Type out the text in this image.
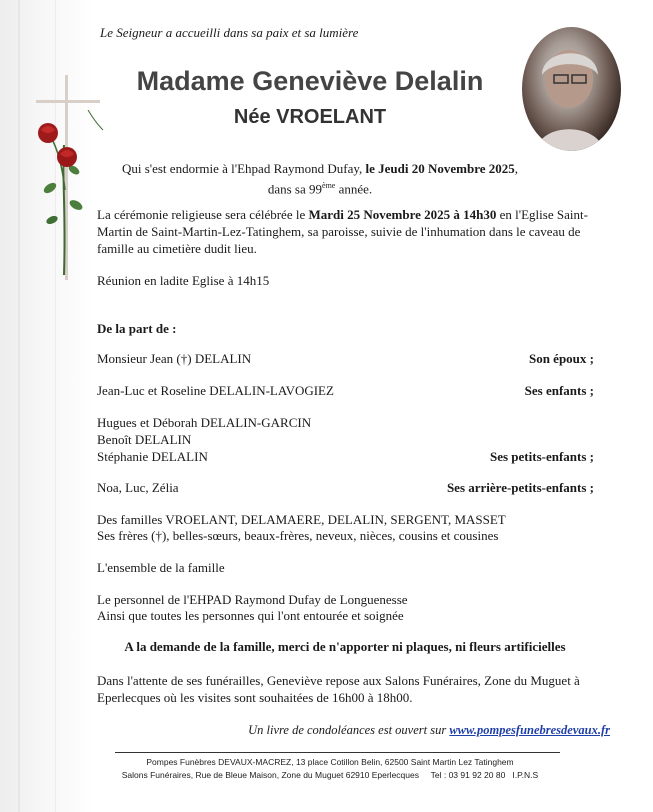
Le Seigneur a accueilli dans sa paix et sa lumière
Madame Geneviève Delalin
Née VROELANT
Qui s'est endormie à l'Ehpad Raymond Dufay, le Jeudi 20 Novembre 2025,
dans sa 99ème année.
La cérémonie religieuse sera célébrée le Mardi 25 Novembre 2025 à 14h30 en l'Eglise Saint-Martin de Saint-Martin-Lez-Tatinghem, sa paroisse, suivie de l'inhumation dans le caveau de famille au cimetière dudit lieu.
Réunion en ladite Eglise à 14h15
De la part de :
Monsieur Jean (†) DELALIN	Son époux ;
Jean-Luc et Roseline DELALIN-LAVOGIEZ	Ses enfants ;
Hugues et Déborah DELALIN-GARCIN
Benoît DELALIN
Stéphanie DELALIN	Ses petits-enfants ;
Noa, Luc, Zélia	Ses arrière-petits-enfants ;
Des familles VROELANT, DELAMAERE, DELALIN, SERGENT, MASSET
Ses frères (†), belles-sœurs, beaux-frères, neveux, nièces, cousins et cousines
L'ensemble de la famille
Le personnel de l'EHPAD Raymond Dufay de Longuenesse
Ainsi que toutes les personnes qui l'ont entourée et soignée
A la demande de la famille, merci de n'apporter ni plaques, ni fleurs artificielles
Dans l'attente de ses funérailles, Geneviève repose aux Salons Funéraires, Zone du Muguet à Eperlecques où les visites sont souhaitées de 16h00 à 18h00.
Un livre de condoléances est ouvert sur www.pompesfunebresdevaux.fr
Pompes Funèbres DEVAUX-MACREZ, 13 place Cotillon Belin, 62500 Saint Martin Lez Tatinghem
Salons Funéraires, Rue de Bleue Maison, Zone du Muguet 62910 Eperlecques     Tel : 03 91 92 20 80   I.P.N.S
